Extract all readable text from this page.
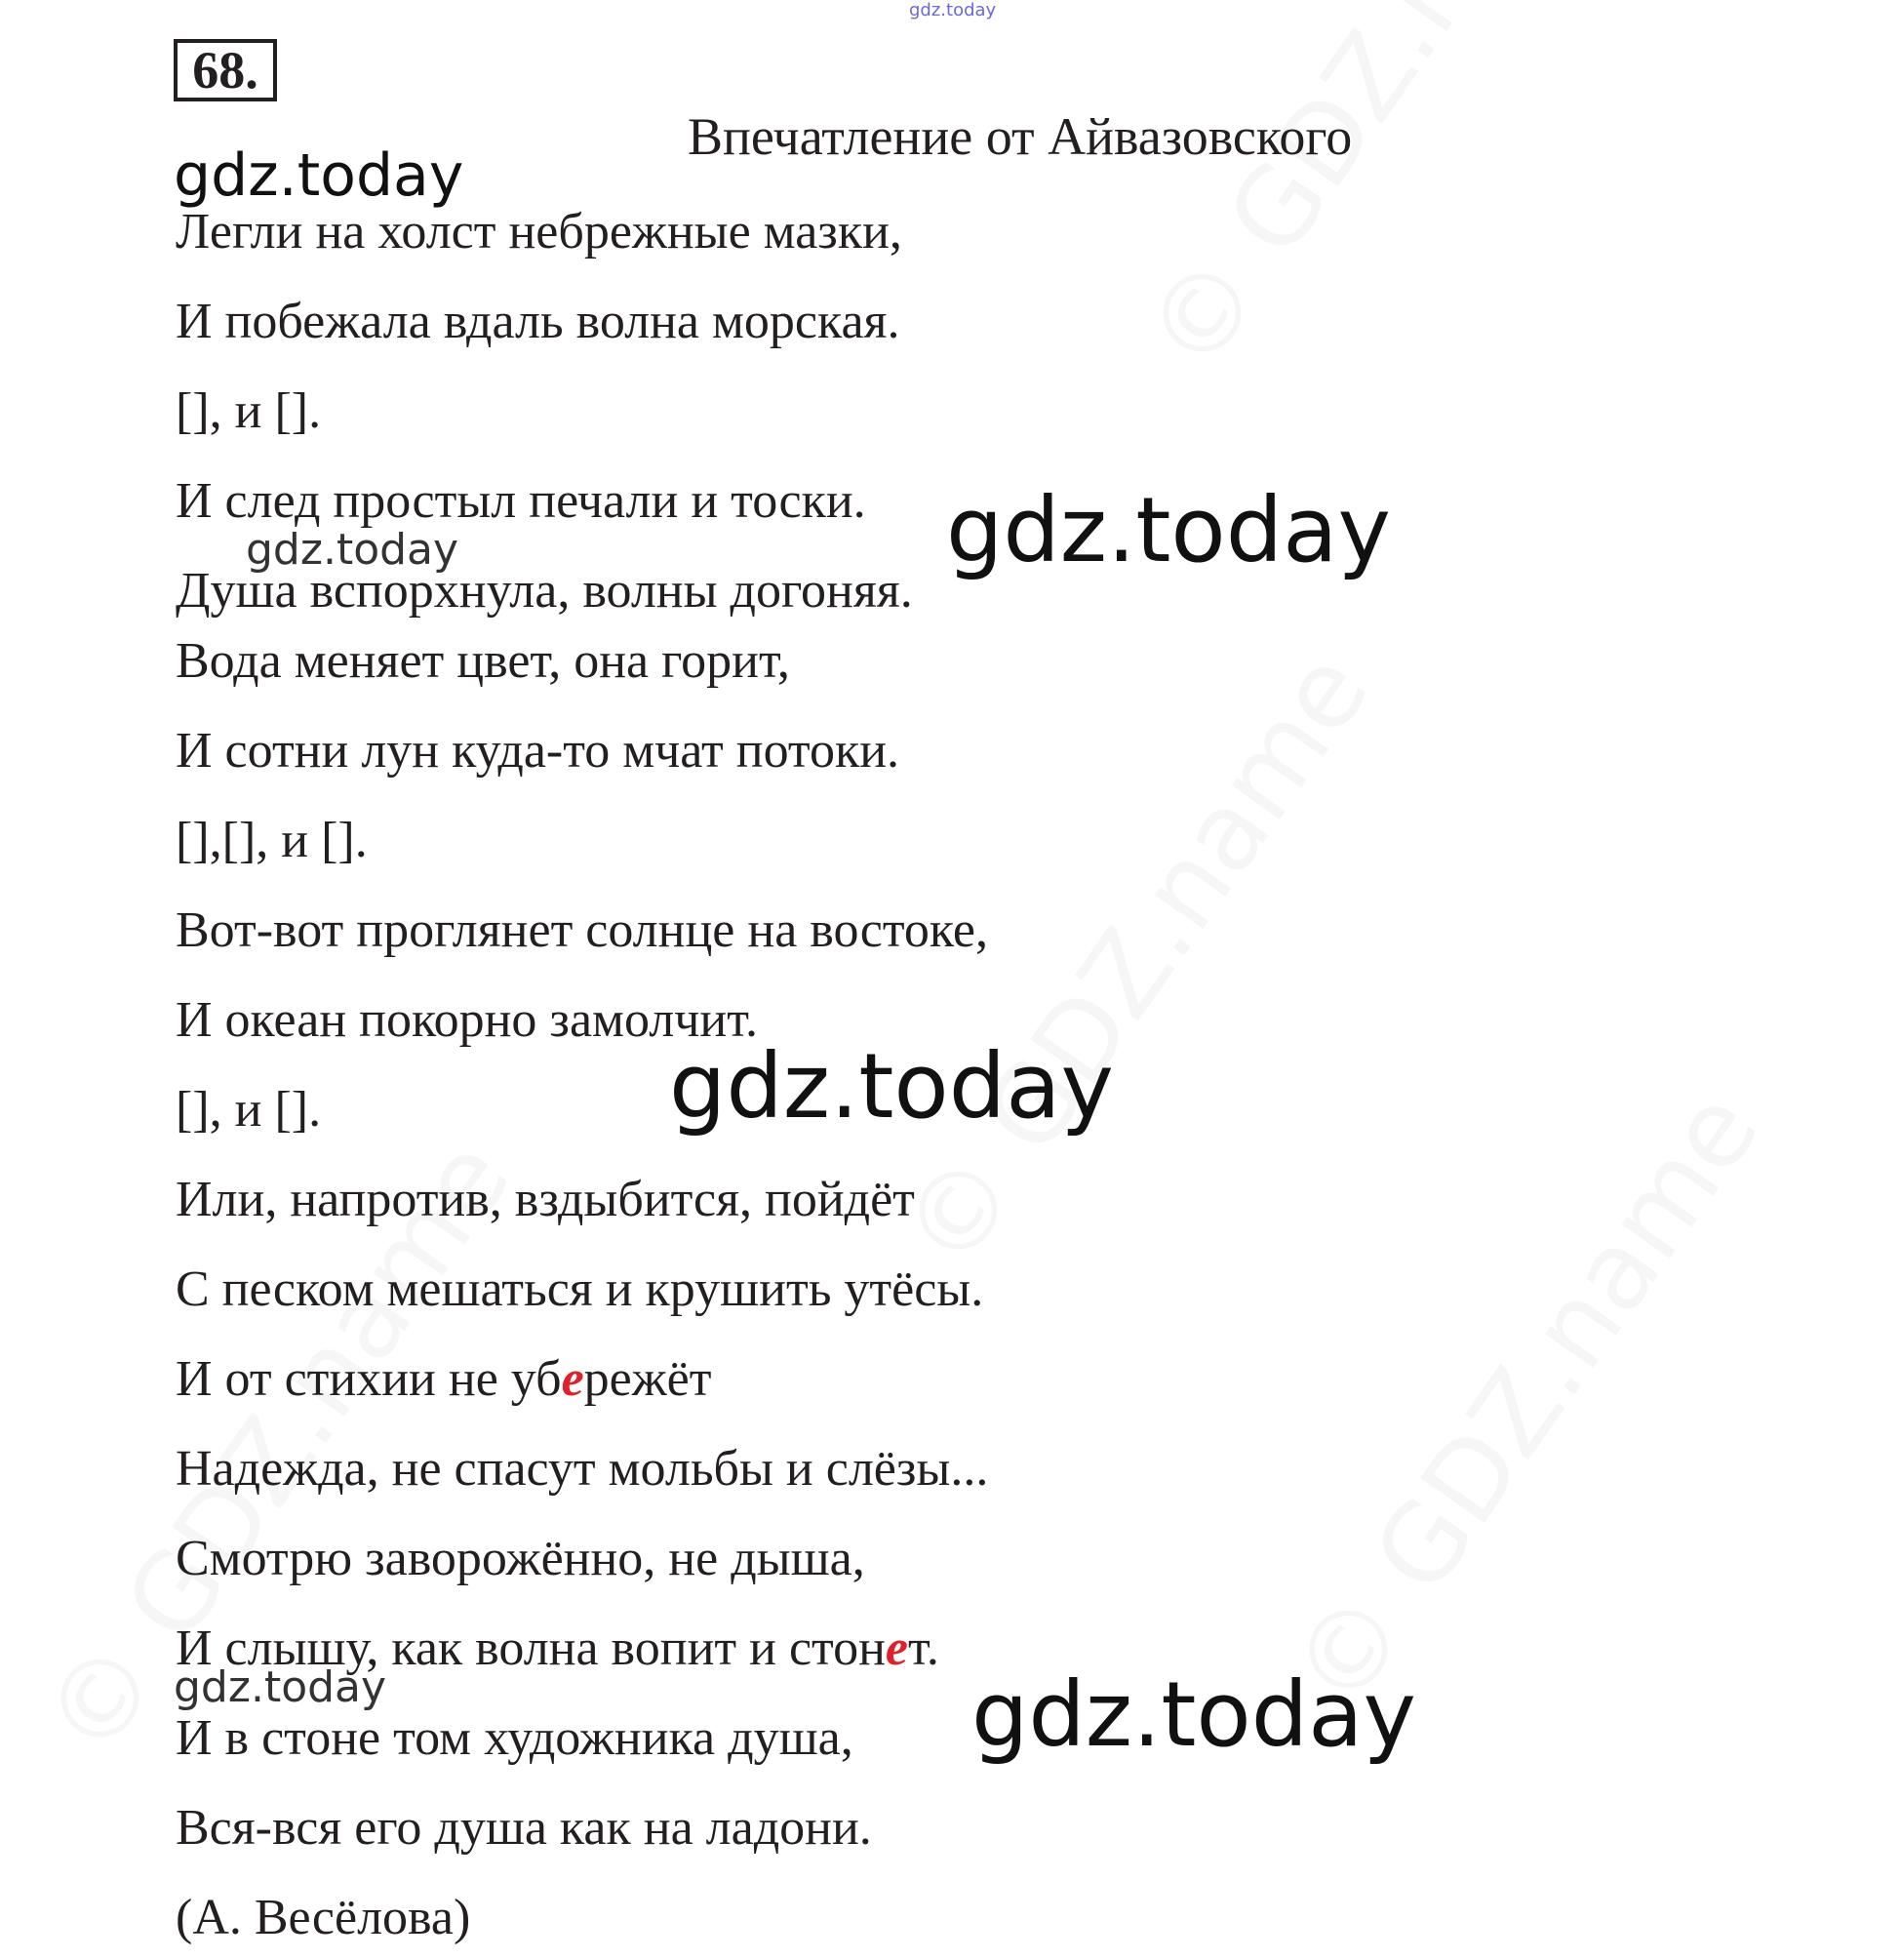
gdz.today
68.
Впечатление от Айвазовского
Легли на холст небрежные мазки,
И побежала вдаль волна морская.
[], и [].
И след простыл печали и тоски.
Душа вспорхнула, волны догоняя.
Вода меняет цвет, она горит,
И сотни лун куда-то мчат потоки.
[],[], и [].
Вот-вот проглянет солнце на востоке,
И океан покорно замолчит.
[], и [].
Или, напротив, вздыбится, пойдёт
С песком мешаться и крушить утёсы.
И от стихии не убережёт
Надежда, не спасут мольбы и слёзы...
Смотрю заворожённо, не дыша,
И слышу, как волна вопит и стонет.
И в стоне том художника душа,
Вся-вся его душа как на ладони.
(А. Весёлова)
gdz.today
gdz.today
gdz.today
gdz.today
gdz.today	gdz.today
